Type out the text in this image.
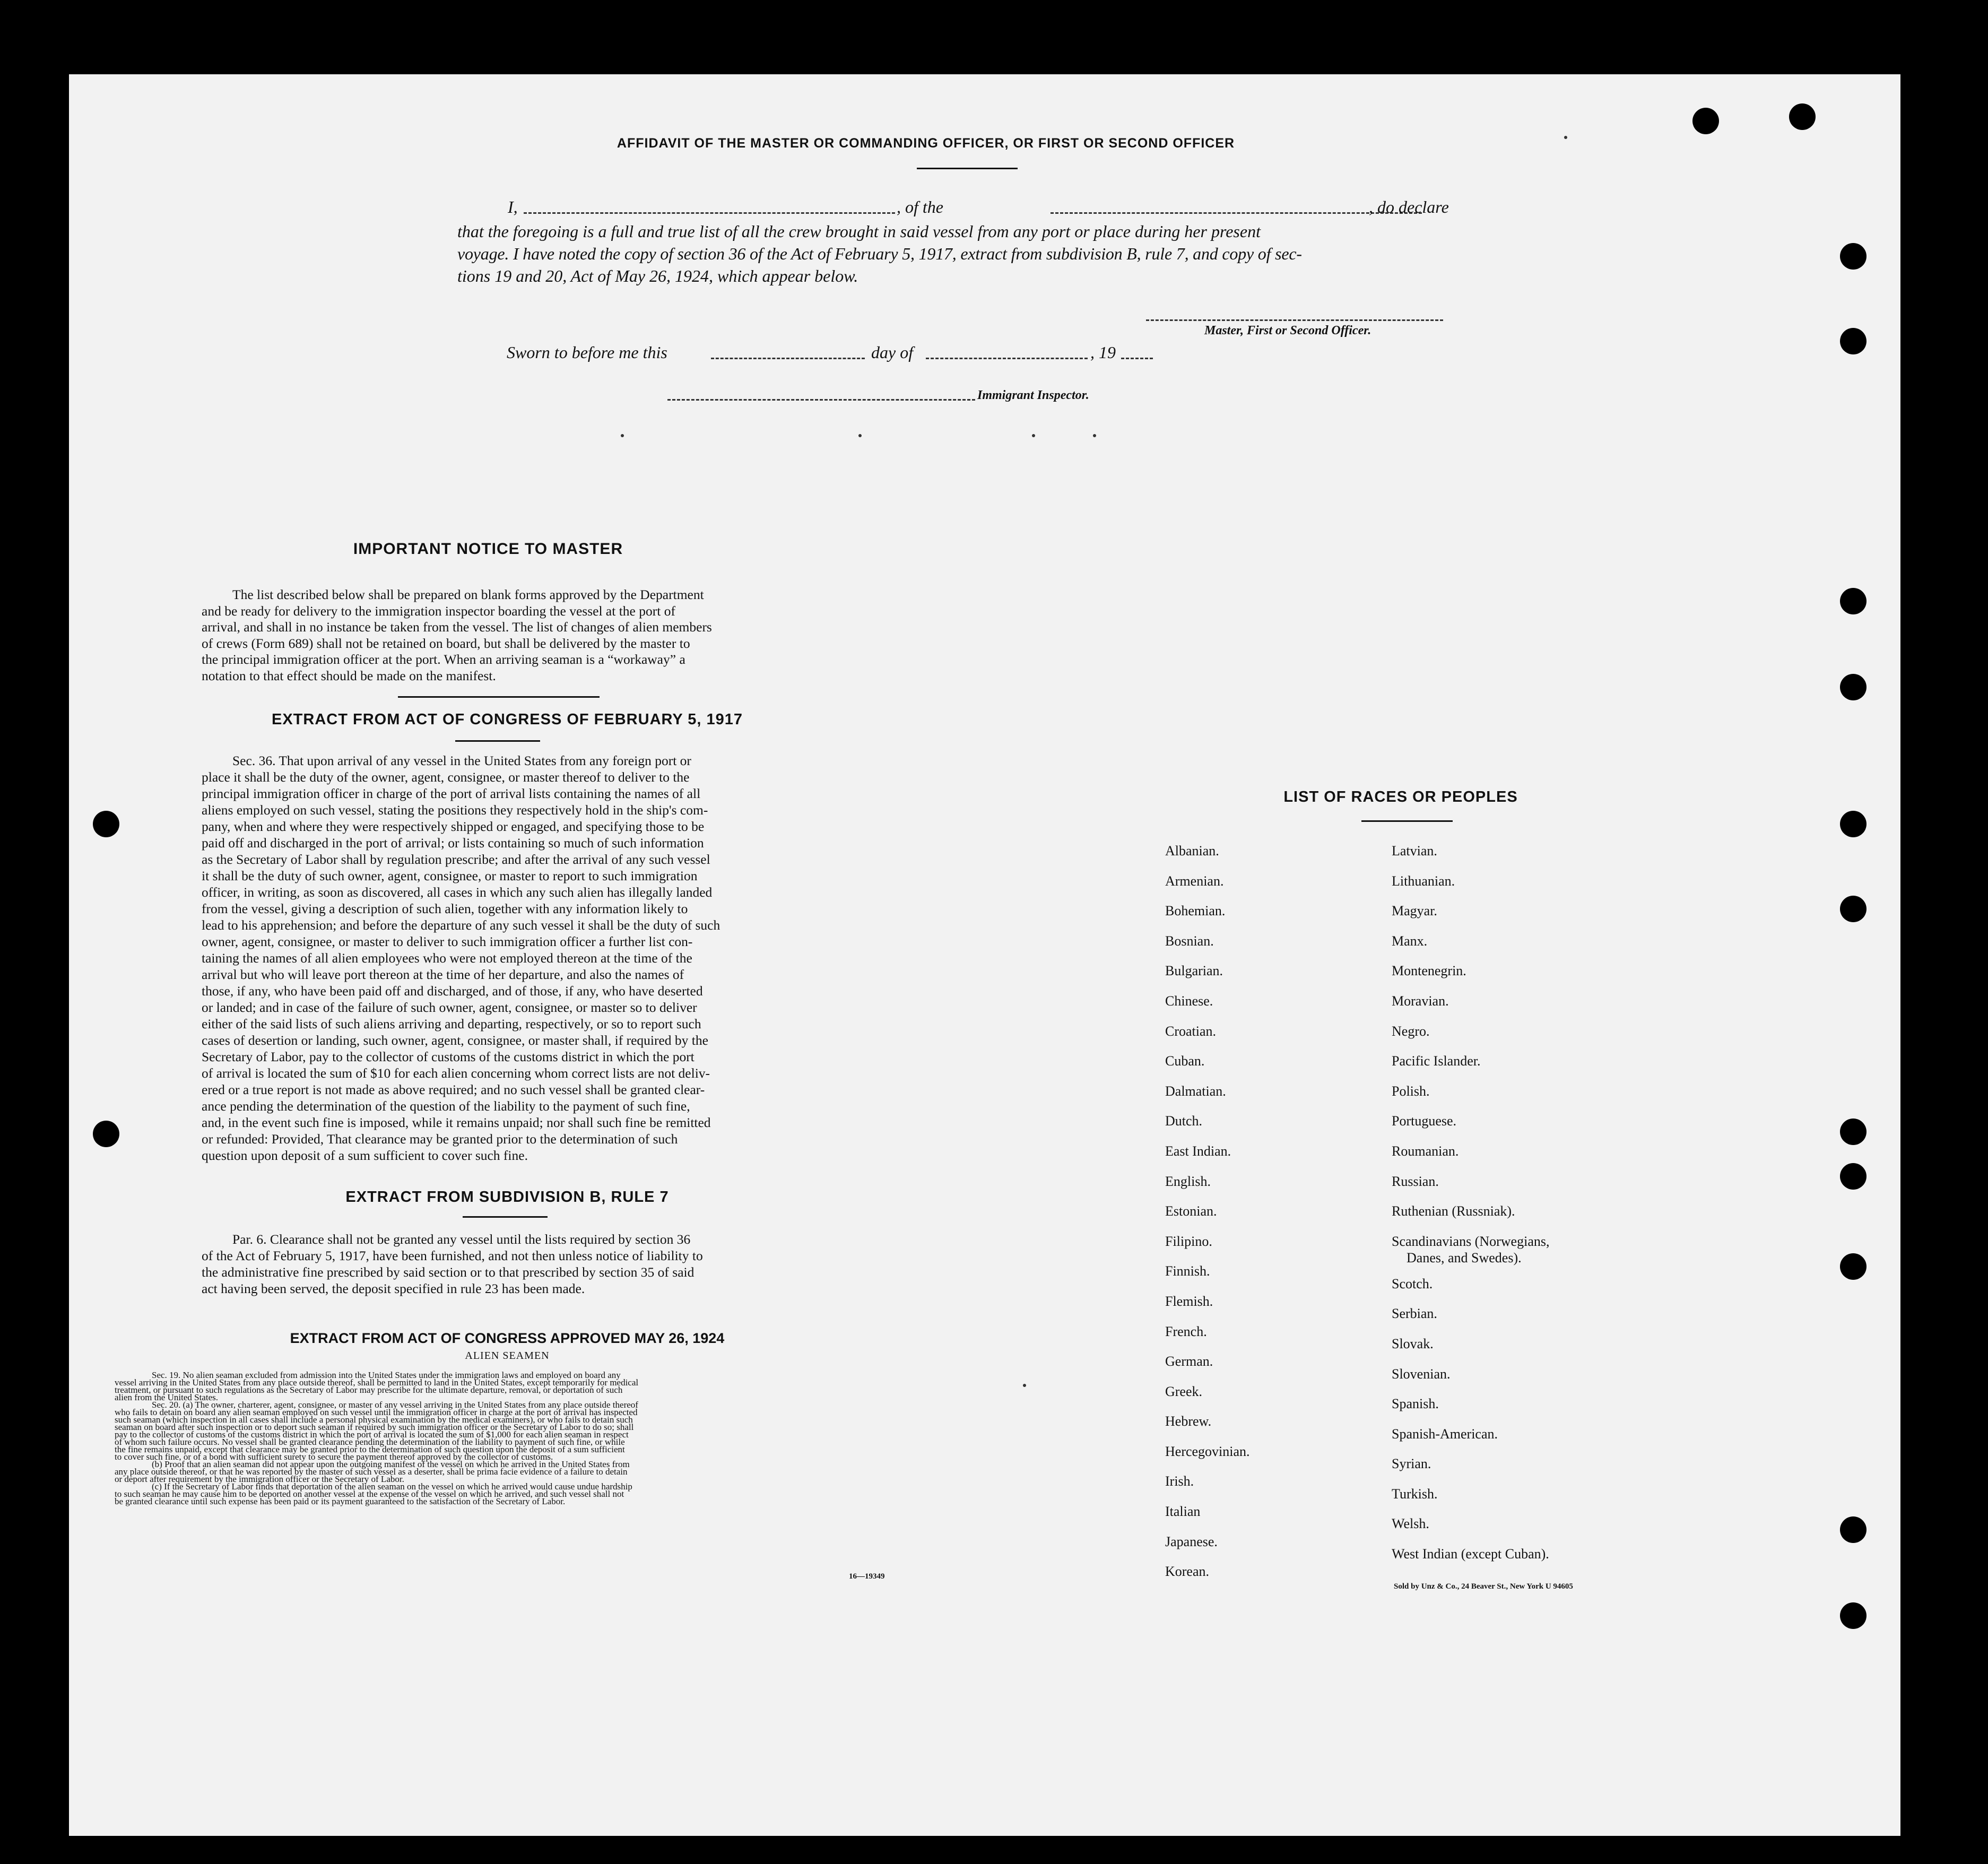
AFFIDAVIT OF THE MASTER OR COMMANDING OFFICER, OR FIRST OR SECOND OFFICER
I,	, of the	, do declare
that the foregoing is a full and true list of all the crew brought in said vessel from any port or place during her present
voyage. I have noted the copy of section 36 of the Act of February 5, 1917, extract from subdivision B, rule 7, and copy of sec-
tions 19 and 20, Act of May 26, 1924, which appear below.
Master, First or Second Officer.
Sworn to before me this	day of	, 19
Immigrant Inspector.
IMPORTANT NOTICE TO MASTER
The list described below shall be prepared on blank forms approved by the Department
and be ready for delivery to the immigration inspector boarding the vessel at the port of
arrival, and shall in no instance be taken from the vessel. The list of changes of alien members
of crews (Form 689) shall not be retained on board, but shall be delivered by the master to
the principal immigration officer at the port. When an arriving seaman is a “workaway” a
notation to that effect should be made on the manifest.
EXTRACT FROM ACT OF CONGRESS OF FEBRUARY 5, 1917
Sec. 36. That upon arrival of any vessel in the United States from any foreign port or
place it shall be the duty of the owner, agent, consignee, or master thereof to deliver to the
principal immigration officer in charge of the port of arrival lists containing the names of all
aliens employed on such vessel, stating the positions they respectively hold in the ship's com-
pany, when and where they were respectively shipped or engaged, and specifying those to be
paid off and discharged in the port of arrival; or lists containing so much of such information
as the Secretary of Labor shall by regulation prescribe; and after the arrival of any such vessel
it shall be the duty of such owner, agent, consignee, or master to report to such immigration
officer, in writing, as soon as discovered, all cases in which any such alien has illegally landed
from the vessel, giving a description of such alien, together with any information likely to
lead to his apprehension; and before the departure of any such vessel it shall be the duty of such
owner, agent, consignee, or master to deliver to such immigration officer a further list con-
taining the names of all alien employees who were not employed thereon at the time of the
arrival but who will leave port thereon at the time of her departure, and also the names of
those, if any, who have been paid off and discharged, and of those, if any, who have deserted
or landed; and in case of the failure of such owner, agent, consignee, or master so to deliver
either of the said lists of such aliens arriving and departing, respectively, or so to report such
cases of desertion or landing, such owner, agent, consignee, or master shall, if required by the
Secretary of Labor, pay to the collector of customs of the customs district in which the port
of arrival is located the sum of $10 for each alien concerning whom correct lists are not deliv-
ered or a true report is not made as above required; and no such vessel shall be granted clear-
ance pending the determination of the question of the liability to the payment of such fine,
and, in the event such fine is imposed, while it remains unpaid; nor shall such fine be remitted
or refunded: Provided, That clearance may be granted prior to the determination of such
question upon deposit of a sum sufficient to cover such fine.
EXTRACT FROM SUBDIVISION B, RULE 7
Par. 6. Clearance shall not be granted any vessel until the lists required by section 36
of the Act of February 5, 1917, have been furnished, and not then unless notice of liability to
the administrative fine prescribed by said section or to that prescribed by section 35 of said
act having been served, the deposit specified in rule 23 has been made.
EXTRACT FROM ACT OF CONGRESS APPROVED MAY 26, 1924
ALIEN SEAMEN
Sec. 19. No alien seaman excluded from admission into the United States under the immigration laws and employed on board any
vessel arriving in the United States from any place outside thereof, shall be permitted to land in the United States, except temporarily for medical
treatment, or pursuant to such regulations as the Secretary of Labor may prescribe for the ultimate departure, removal, or deportation of such
alien from the United States.
Sec. 20. (a) The owner, charterer, agent, consignee, or master of any vessel arriving in the United States from any place outside thereof
who fails to detain on board any alien seaman employed on such vessel until the immigration officer in charge at the port of arrival has inspected
such seaman (which inspection in all cases shall include a personal physical examination by the medical examiners), or who fails to detain such
seaman on board after such inspection or to deport such seaman if required by such immigration officer or the Secretary of Labor to do so; shall
pay to the collector of customs of the customs district in which the port of arrival is located the sum of $1,000 for each alien seaman in respect
of whom such failure occurs. No vessel shall be granted clearance pending the determination of the liability to payment of such fine, or while
the fine remains unpaid, except that clearance may be granted prior to the determination of such question upon the deposit of a sum sufficient
to cover such fine, or of a bond with sufficient surety to secure the payment thereof approved by the collector of customs.
(b) Proof that an alien seaman did not appear upon the outgoing manifest of the vessel on which he arrived in the United States from
any place outside thereof, or that he was reported by the master of such vessel as a deserter, shall be prima facie evidence of a failure to detain
or deport after requirement by the immigration officer or the Secretary of Labor.
(c) If the Secretary of Labor finds that deportation of the alien seaman on the vessel on which he arrived would cause undue hardship
to such seaman he may cause him to be deported on another vessel at the expense of the vessel on which he arrived, and such vessel shall not
be granted clearance until such expense has been paid or its payment guaranteed to the satisfaction of the Secretary of Labor.
16—19349
LIST OF RACES OR PEOPLES
Albanian.
Armenian.
Bohemian.
Bosnian.
Bulgarian.
Chinese.
Croatian.
Cuban.
Dalmatian.
Dutch.
East Indian.
English.
Estonian.
Filipino.
Finnish.
Flemish.
French.
German.
Greek.
Hebrew.
Hercegovinian.
Irish.
Italian
Japanese.
Korean.
Latvian.
Lithuanian.
Magyar.
Manx.
Montenegrin.
Moravian.
Negro.
Pacific Islander.
Polish.
Portuguese.
Roumanian.
Russian.
Ruthenian (Russniak).
Scandinavians (Norwegians,
Danes, and Swedes).
Scotch.
Serbian.
Slovak.
Slovenian.
Spanish.
Spanish-American.
Syrian.
Turkish.
Welsh.
West Indian (except Cuban).
Sold by Unz & Co., 24 Beaver St., New York U 94605
